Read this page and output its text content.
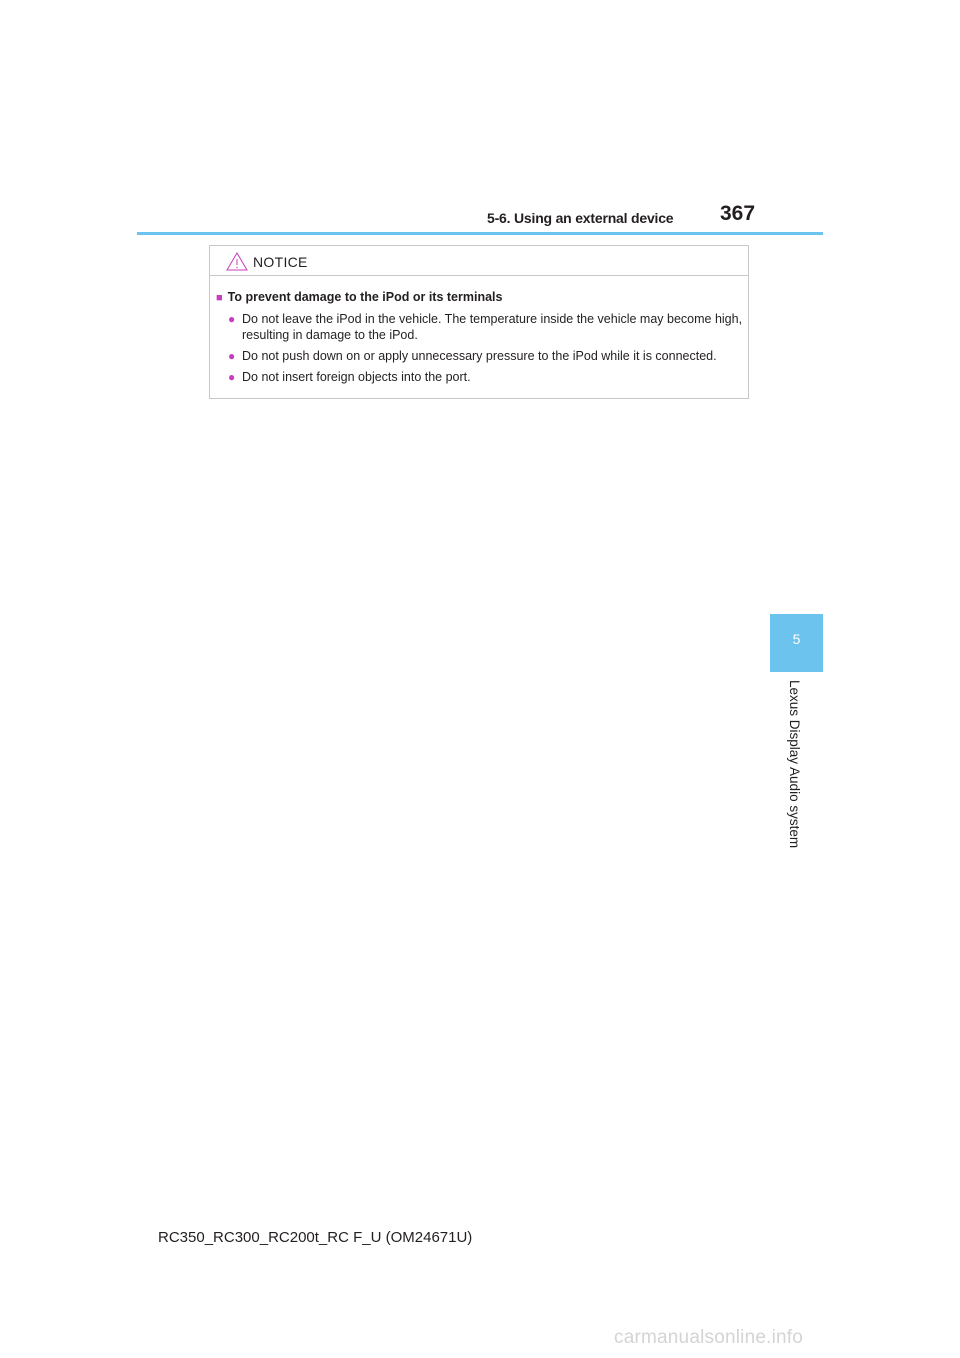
5-6. Using an external device 367
NOTICE
■ To prevent damage to the iPod or its terminals
● Do not leave the iPod in the vehicle. The temperature inside the vehicle may become high, resulting in damage to the iPod.
● Do not push down on or apply unnecessary pressure to the iPod while it is connected.
● Do not insert foreign objects into the port.
5
Lexus Display Audio system
RC350_RC300_RC200t_RC F_U (OM24671U)
carmanualsonline.info
